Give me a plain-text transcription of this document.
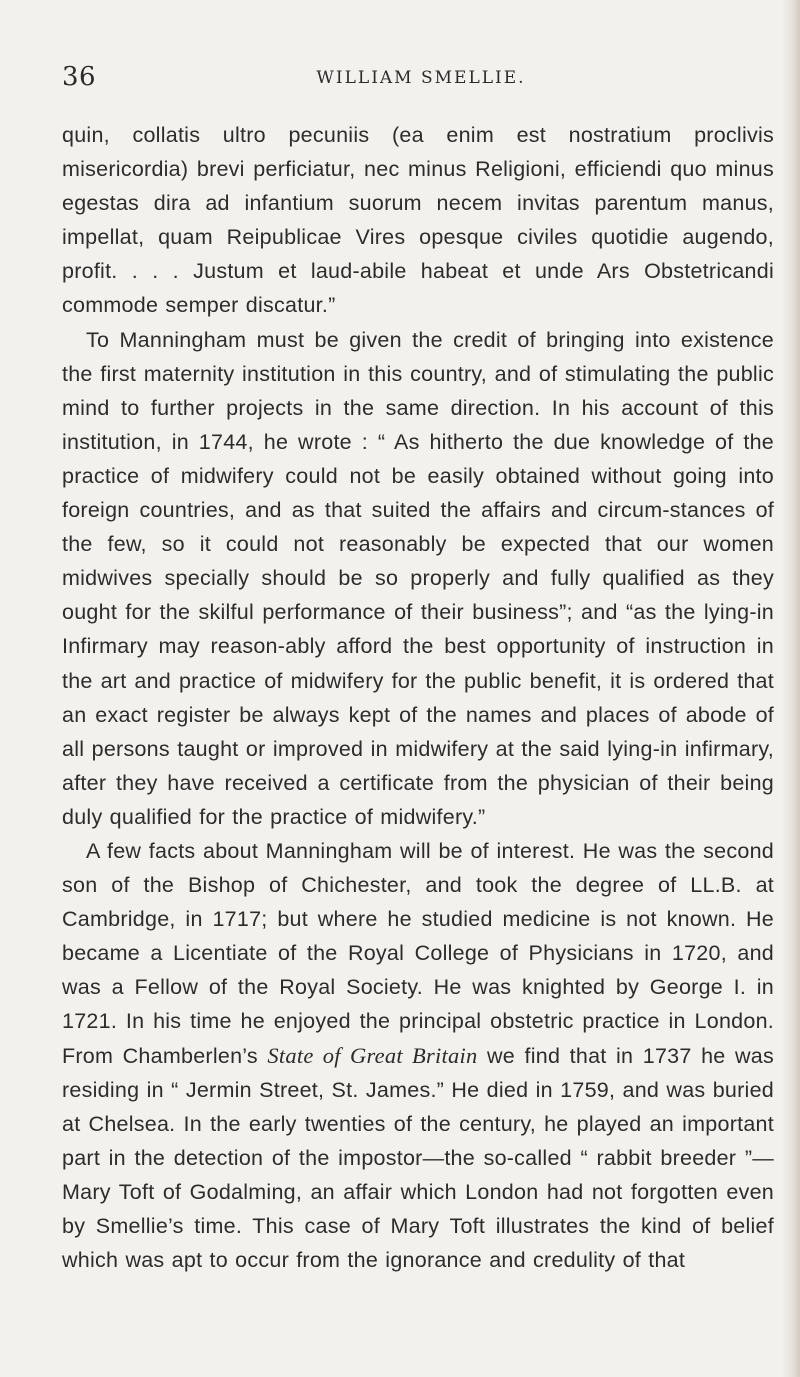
36	WILLIAM SMELLIE.

quin, collatis ultro pecuniis (ea enim est nostratium proclivis misericordia) brevi perficiatur, nec minus Religioni, efficiendi quo minus egestas dira ad infantium suorum necem invitas parentum manus, impellat, quam Reipublicae Vires opesque civiles quotidie augendo, profit. . . . Justum et laud-abile habeat et unde Ars Obstetricandi commode semper discatur.”

To Manningham must be given the credit of bringing into existence the first maternity institution in this country, and of stimulating the public mind to further projects in the same direction. In his account of this institution, in 1744, he wrote : “ As hitherto the due knowledge of the practice of midwifery could not be easily obtained without going into foreign countries, and as that suited the affairs and circum-stances of the few, so it could not reasonably be expected that our women midwives specially should be so properly and fully qualified as they ought for the skilful performance of their business”; and “as the lying-in Infirmary may reason-ably afford the best opportunity of instruction in the art and practice of midwifery for the public benefit, it is ordered that an exact register be always kept of the names and places of abode of all persons taught or improved in midwifery at the said lying-in infirmary, after they have received a certificate from the physician of their being duly qualified for the practice of midwifery.”

A few facts about Manningham will be of interest. He was the second son of the Bishop of Chichester, and took the degree of LL.B. at Cambridge, in 1717; but where he studied medicine is not known. He became a Licentiate of the Royal College of Physicians in 1720, and was a Fellow of the Royal Society. He was knighted by George I. in 1721. In his time he enjoyed the principal obstetric practice in London. From Chamberlen’s State of Great Britain we find that in 1737 he was residing in “ Jermin Street, St. James.” He died in 1759, and was buried at Chelsea. In the early twenties of the century, he played an important part in the detection of the impostor—the so-called “ rabbit breeder ”—Mary Toft of Godalming, an affair which London had not forgotten even by Smellie’s time. This case of Mary Toft illustrates the kind of belief which was apt to occur from the ignorance and credulity of that
